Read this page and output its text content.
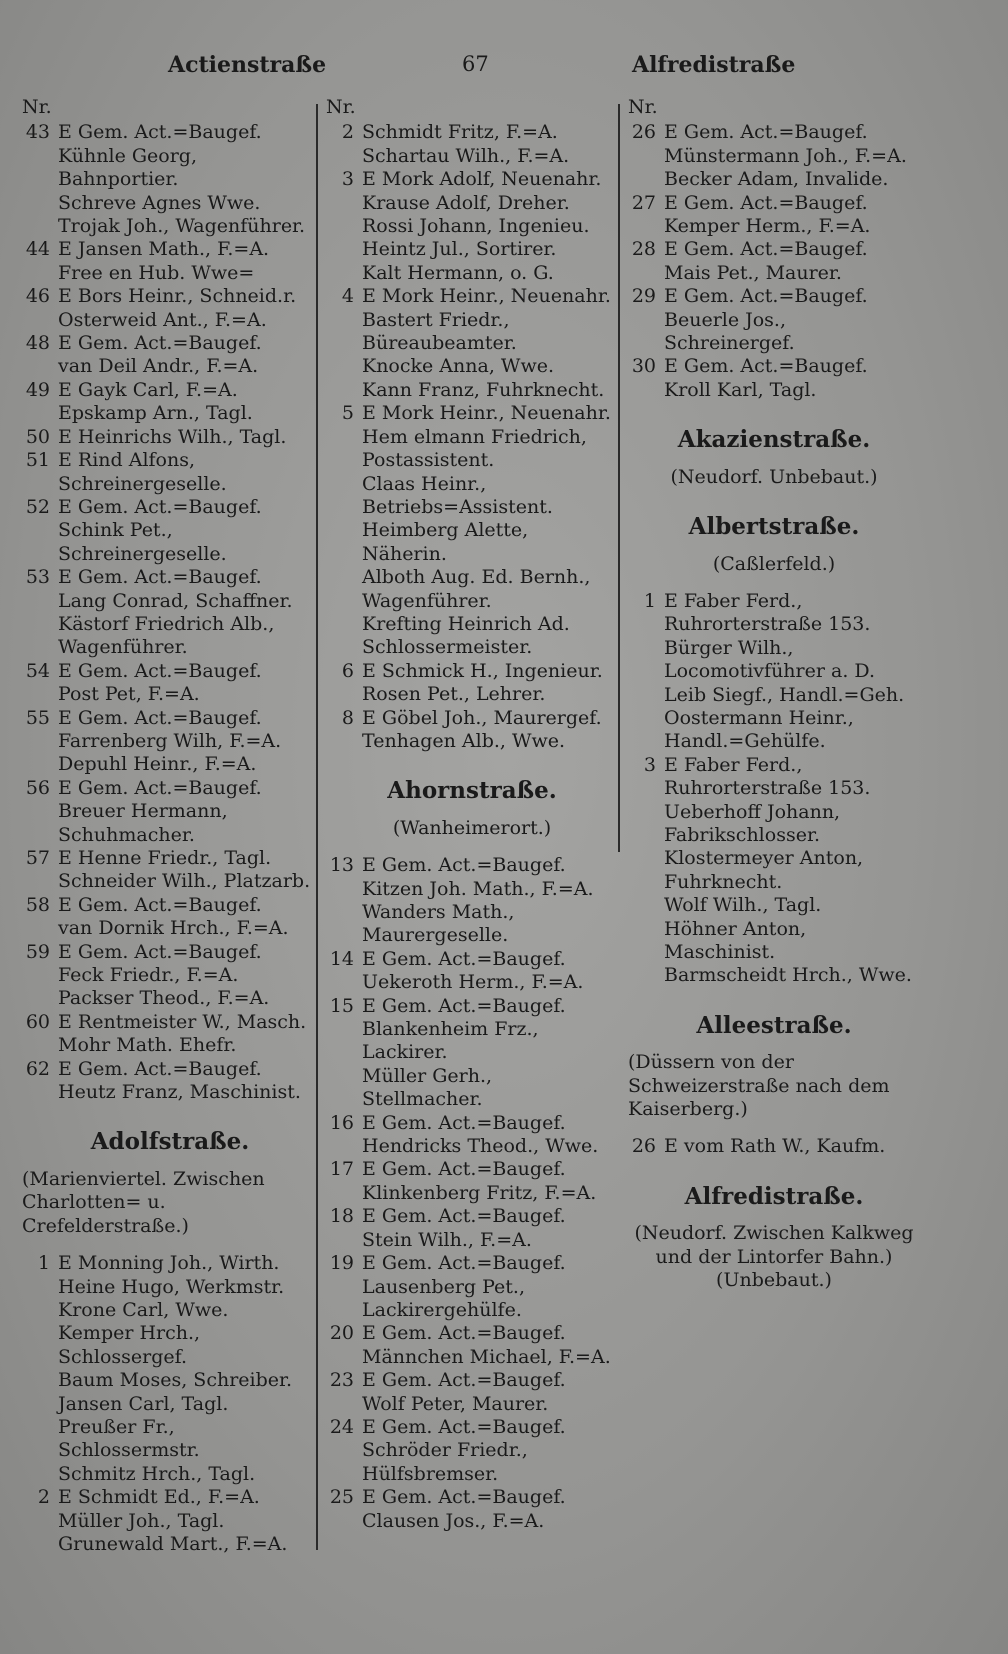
Actienstraße	67	Alfredistraße
Nr.
43 E Gem. Act.=Baugef.
Kühnle Georg, Bahnportier.
Schreve Agnes Wwe.
Trojak Joh., Wagenführer.
44 E Jansen Math., F.=A.
Free en Hub. Wwe=
46 E Bors Heinr., Schneid.r.
Osterweid Ant., F.=A.
48 E Gem. Act.=Baugef.
van Deil Andr., F.=A.
49 E Gayk Carl, F.=A.
Epskamp Arn., Tagl.
50 E Heinrichs Wilh., Tagl.
51 E Rind Alfons, Schreinergeselle.
52 E Gem. Act.=Baugef.
Schink Pet., Schreinergeselle.
53 E Gem. Act.=Baugef.
Lang Conrad, Schaffner.
Kästorf Friedrich Alb., Wagenführer.
54 E Gem. Act.=Baugef.
Post Pet, F.=A.
55 E Gem. Act.=Baugef.
Farrenberg Wilh, F.=A.
Depuhl Heinr., F.=A.
56 E Gem. Act.=Baugef.
Breuer Hermann, Schuhmacher.
57 E Henne Friedr., Tagl.
Schneider Wilh., Platzarb.
58 E Gem. Act.=Baugef.
van Dornik Hrch., F.=A.
59 E Gem. Act.=Baugef.
Feck Friedr., F.=A.
Packser Theod., F.=A.
60 E Rentmeister W., Masch.
Mohr Math. Ehefr.
62 E Gem. Act.=Baugef.
Heutz Franz, Maschinist.
Adolfstraße.
(Marienviertel. Zwischen Charlotten= u. Crefelderstraße.)
1 E Monning Joh., Wirth.
Heine Hugo, Werkmstr.
Krone Carl, Wwe.
Kemper Hrch., Schlossergef.
Baum Moses, Schreiber.
Jansen Carl, Tagl.
Preußer Fr., Schlossermstr.
Schmitz Hrch., Tagl.
2 E Schmidt Ed., F.=A.
Müller Joh., Tagl.
Grunewald Mart., F.=A.
Nr.
2 Schmidt Fritz, F.=A.
Schartau Wilh., F.=A.
3 E Mork Adolf, Neuenahr.
Krause Adolf, Dreher.
Rossi Johann, Ingenieu.
Heintz Jul., Sortirer.
Kalt Hermann, o. G.
4 E Mork Heinr., Neuenahr.
Bastert Friedr., Büreaubeamter.
Knocke Anna, Wwe.
Kann Franz, Fuhrknecht.
5 E Mork Heinr., Neuenahr.
Hem elmann Friedrich, Postassistent.
Claas Heinr., Betriebs=Assistent.
Heimberg Alette, Näherin.
Alboth Aug. Ed. Bernh., Wagenführer.
Krefting Heinrich Ad. Schlossermeister.
6 E Schmick H., Ingenieur.
Rosen Pet., Lehrer.
8 E Göbel Joh., Maurergef.
Tenhagen Alb., Wwe.
Ahornstraße.
(Wanheimerort.)
13 E Gem. Act.=Baugef.
Kitzen Joh. Math., F.=A.
Wanders Math., Maurergeselle.
14 E Gem. Act.=Baugef.
Uekeroth Herm., F.=A.
15 E Gem. Act.=Baugef.
Blankenheim Frz., Lackirer.
Müller Gerh., Stellmacher.
16 E Gem. Act.=Baugef.
Hendricks Theod., Wwe.
17 E Gem. Act.=Baugef.
Klinkenberg Fritz, F.=A.
18 E Gem. Act.=Baugef.
Stein Wilh., F.=A.
19 E Gem. Act.=Baugef.
Lausenberg Pet., Lackirergehülfe.
20 E Gem. Act.=Baugef.
Männchen Michael, F.=A.
23 E Gem. Act.=Baugef.
Wolf Peter, Maurer.
24 E Gem. Act.=Baugef.
Schröder Friedr., Hülfsbremser.
25 E Gem. Act.=Baugef.
Clausen Jos., F.=A.
Nr.
26 E Gem. Act.=Baugef.
Münstermann Joh., F.=A.
Becker Adam, Invalide.
27 E Gem. Act.=Baugef.
Kemper Herm., F.=A.
28 E Gem. Act.=Baugef.
Mais Pet., Maurer.
29 E Gem. Act.=Baugef.
Beuerle Jos., Schreinergef.
30 E Gem. Act.=Baugef.
Kroll Karl, Tagl.
Akazienstraße.
(Neudorf. Unbebaut.)
Albertstraße.
(Caßlerfeld.)
1 E Faber Ferd., Ruhrorterstraße 153.
Bürger Wilh., Locomotivführer a. D.
Leib Siegf., Handl.=Geh.
Oostermann Heinr., Handl.=Gehülfe.
3 E Faber Ferd., Ruhrorterstraße 153.
Ueberhoff Johann, Fabrikschlosser.
Klostermeyer Anton, Fuhrknecht.
Wolf Wilh., Tagl.
Höhner Anton, Maschinist.
Barmscheidt Hrch., Wwe.
Alleestraße.
(Düssern von der Schweizerstraße nach dem Kaiserberg.)
26 E vom Rath W., Kaufm.
Alfredistraße.
(Neudorf. Zwischen Kalkweg und der Lintorfer Bahn.) (Unbebaut.)
